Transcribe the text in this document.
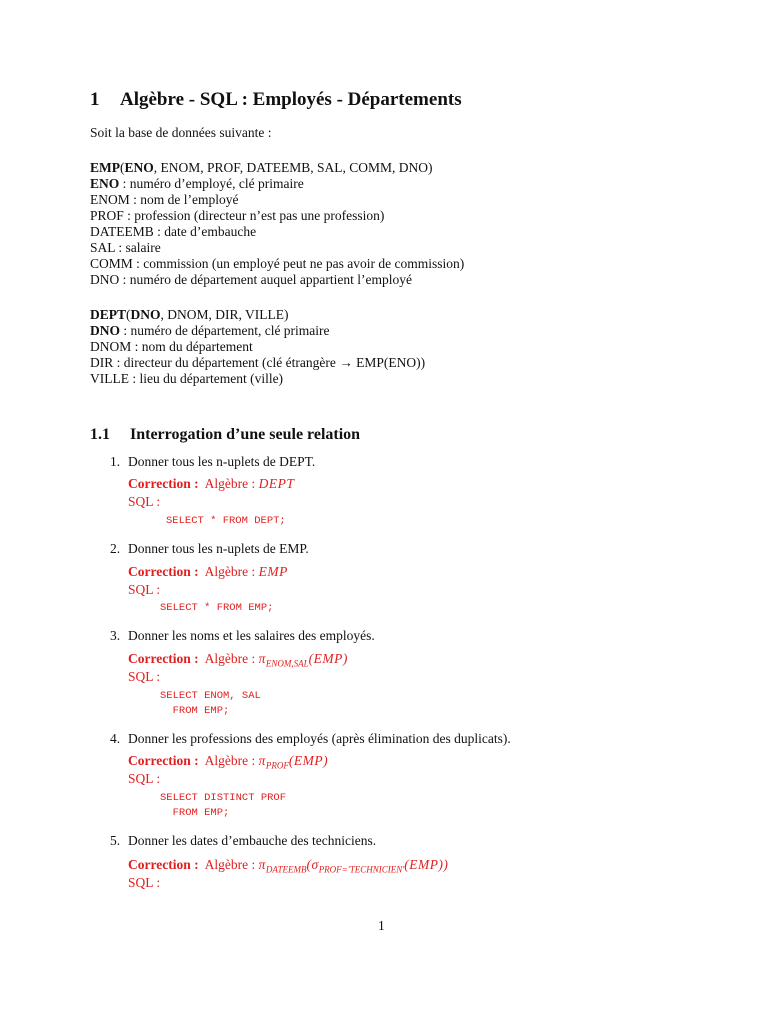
1 Algèbre - SQL : Employés - Départements

Soit la base de données suivante :

EMP(ENO, ENOM, PROF, DATEEMB, SAL, COMM, DNO)
ENO : numéro d’employé, clé primaire
ENOM : nom de l’employé
PROF : profession (directeur n’est pas une profession)
DATEEMB : date d’embauche
SAL : salaire
COMM : commission (un employé peut ne pas avoir de commission)
DNO : numéro de département auquel appartient l’employé
DEPT(DNO, DNOM, DIR, VILLE)
DNO : numéro de département, clé primaire
DNOM : nom du département
DIR : directeur du département (clé étrangère → EMP(ENO))
VILLE : lieu du département (ville)
1.1 Interrogation d’une seule relation
1. Donner tous les n-uplets de DEPT.
Correction : Algèbre : DEPT
SQL :
SELECT * FROM DEPT;
2. Donner tous les n-uplets de EMP.
Correction : Algèbre : EMP
SQL :
SELECT * FROM EMP;
3. Donner les noms et les salaires des employés.
Correction : Algèbre : $\pi_{ENOM,SAL}(EMP)$
SQL :
SELECT ENOM, SAL
FROM EMP;
4. Donner les professions des employés (après élimination des duplicats).
Correction : Algèbre : $\pi_{PROF}(EMP)$
SQL :
SELECT DISTINCT PROF
FROM EMP;
5. Donner les dates d’embauche des techniciens.
Correction : Algèbre : $\pi_{DATEEMB}(\sigma_{PROF='TECHNICIEN'}(EMP))$
SQL :
1
